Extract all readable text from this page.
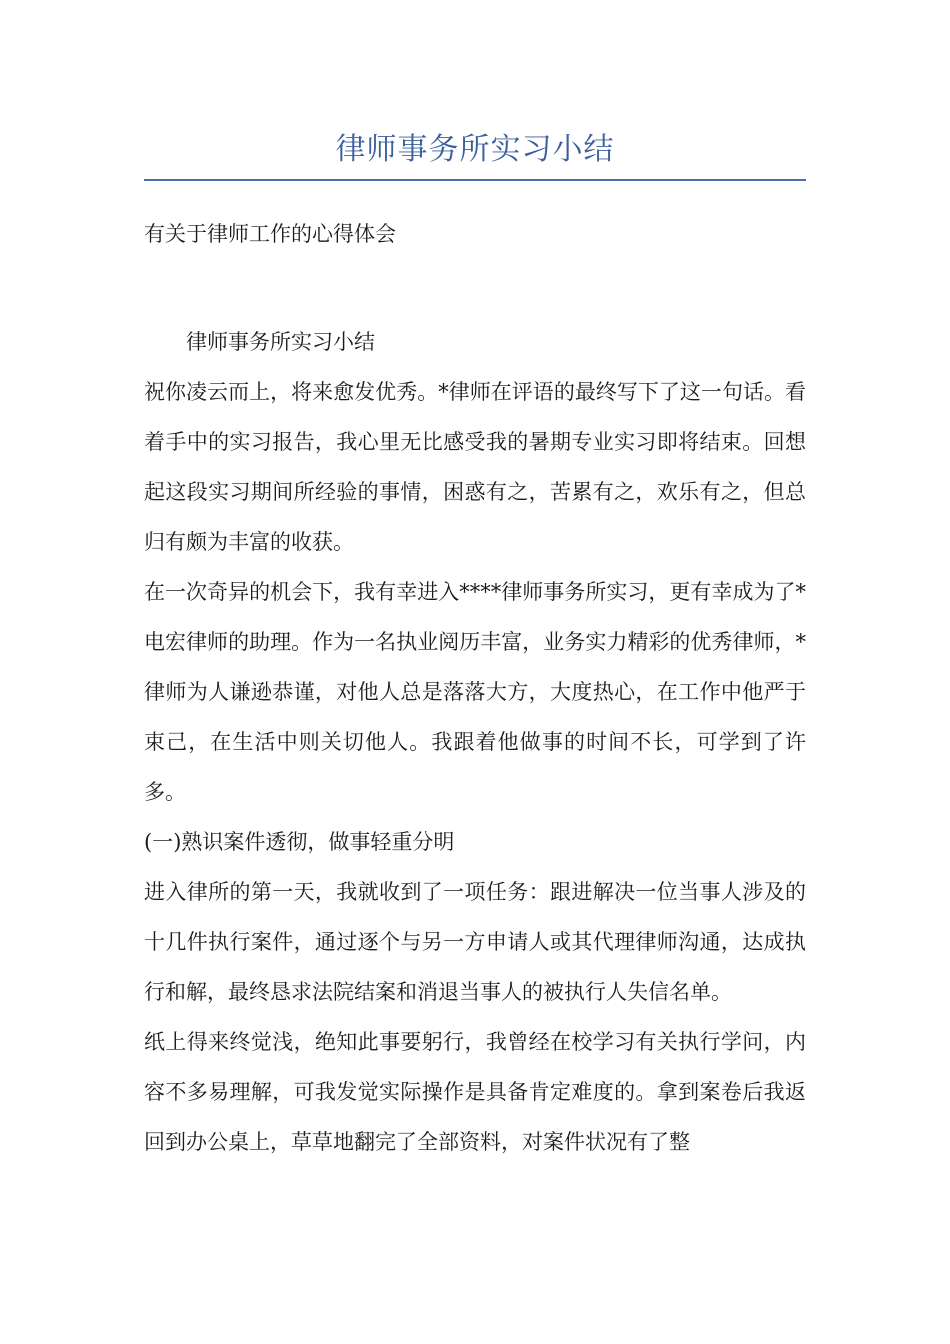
律师事务所实习小结

有关于律师工作的心得体会

律师事务所实习小结

祝你凌云而上，将来愈发优秀。*律师在评语的最终写下了这一句话。看着手中的实习报告，我心里无比感受我的暑期专业实习即将结束。回想起这段实习期间所经验的事情，困惑有之，苦累有之，欢乐有之，但总归有颇为丰富的收获。

在一次奇异的机会下，我有幸进入****律师事务所实习，更有幸成为了*电宏律师的助理。作为一名执业阅历丰富，业务实力精彩的优秀律师，*律师为人谦逊恭谨，对他人总是落落大方，大度热心，在工作中他严于束己，在生活中则关切他人。我跟着他做事的时间不长，可学到了许多。

(一)熟识案件透彻，做事轻重分明

进入律所的第一天，我就收到了一项任务：跟进解决一位当事人涉及的十几件执行案件，通过逐个与另一方申请人或其代理律师沟通，达成执行和解，最终恳求法院结案和消退当事人的被执行人失信名单。

纸上得来终觉浅，绝知此事要躬行，我曾经在校学习有关执行学问，内容不多易理解，可我发觉实际操作是具备肯定难度的。拿到案卷后我返回到办公桌上，草草地翻完了全部资料，对案件状况有了整
